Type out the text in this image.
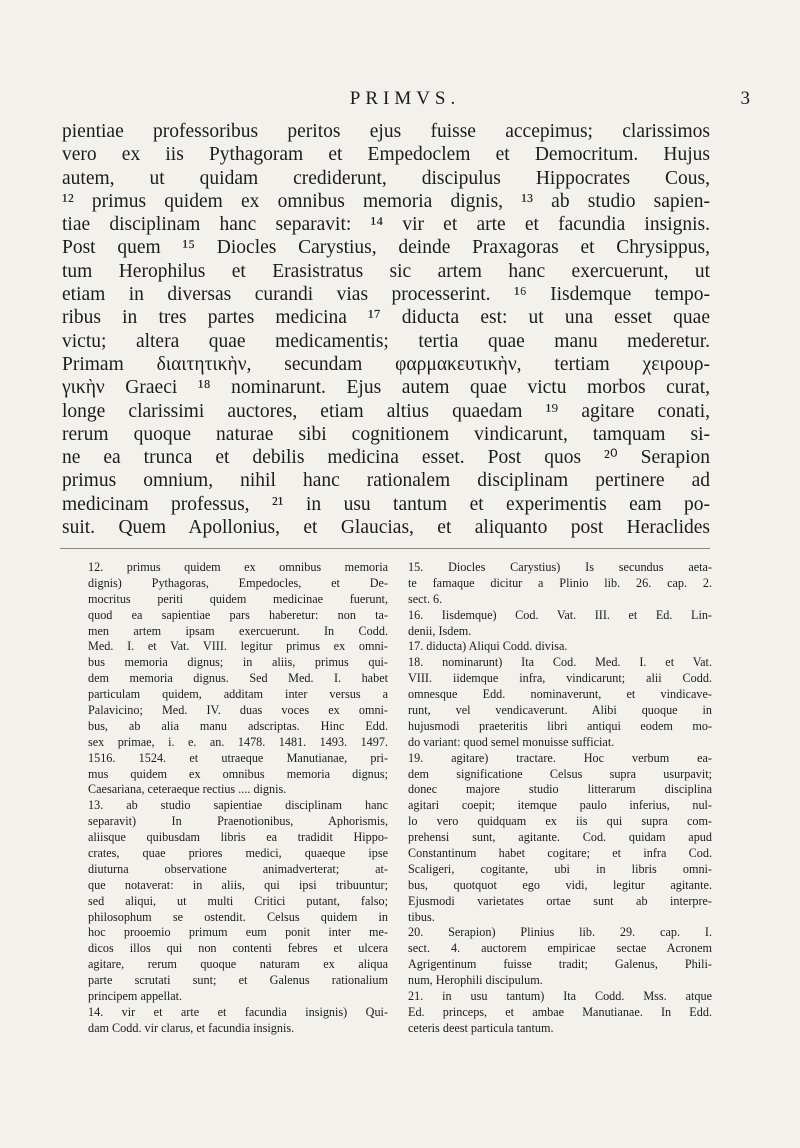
PRIMVS.	3
pientiae professoribus peritos ejus fuisse accepimus; clarissimos
vero ex iis Pythagoram et Empedoclem et Democritum. Hujus
autem, ut quidam crediderunt, discipulus Hippocrates Cous,
¹² primus quidem ex omnibus memoria dignis, ¹³ ab studio sapien-
tiae disciplinam hanc separavit: ¹⁴ vir et arte et facundia insignis.
Post quem ¹⁵ Diocles Carystius, deinde Praxagoras et Chrysippus,
tum Herophilus et Erasistratus sic artem hanc exercuerunt, ut
etiam in diversas curandi vias processerint. ¹⁶ Iisdemque tempo-
ribus in tres partes medicina ¹⁷ diducta est: ut una esset quae
victu; altera quae medicamentis; tertia quae manu mederetur.
Primam διαιτητικὴν, secundam φαρμακευτικὴν, tertiam χειρουρ-
γικὴν Graeci ¹⁸ nominarunt. Ejus autem quae victu morbos curat,
longe clarissimi auctores, etiam altius quaedam ¹⁹ agitare conati,
rerum quoque naturae sibi cognitionem vindicarunt, tamquam si-
ne ea trunca et debilis medicina esset. Post quos ²⁰ Serapion
primus omnium, nihil hanc rationalem disciplinam pertinere ad
medicinam professus, ²¹ in usu tantum et experimentis eam po-
suit. Quem Apollonius, et Glaucias, et aliquanto post Heraclides
12. primus quidem ex omnibus memoria
dignis) Pythagoras, Empedocles, et De-
mocritus periti quidem medicinae fuerunt,
quod ea sapientiae pars haberetur: non ta-
men artem ipsam exercuerunt. In Codd.
Med. I. et Vat. VIII. legitur primus ex omni-
bus memoria dignus; in aliis, primus qui-
dem memoria dignus. Sed Med. I. habet
particulam quidem, additam inter versus a
Palavicino; Med. IV. duas voces ex omni-
bus, ab alia manu adscriptas. Hinc Edd.
sex primae, i. e. an. 1478. 1481. 1493. 1497.
1516. 1524. et utraeque Manutianae, pri-
mus quidem ex omnibus memoria dignus;
Caesariana, ceteraeque rectius .... dignis.
13. ab studio sapientiae disciplinam hanc
separavit) In Praenotionibus, Aphorismis,
aliisque quibusdam libris ea tradidit Hippo-
crates, quae priores medici, quaeque ipse
diuturna observatione animadverterat; at-
que notaverat: in aliis, qui ipsi tribuuntur;
sed aliqui, ut multi Critici putant, falso;
philosophum se ostendit. Celsus quidem in
hoc prooemio primum eum ponit inter me-
dicos illos qui non contenti febres et ulcera
agitare, rerum quoque naturam ex aliqua
parte scrutati sunt; et Galenus rationalium
principem appellat.
14. vir et arte et facundia insignis) Qui-
dam Codd. vir clarus, et facundia insignis.
15. Diocles Carystius) Is secundus aeta-
te famaque dicitur a Plinio lib. 26. cap. 2.
sect. 6.
16. Iisdemque) Cod. Vat. III. et Ed. Lin-
denii, Isdem.
17. diducta) Aliqui Codd. divisa.
18. nominarunt) Ita Cod. Med. I. et Vat.
VIII. iidemque infra, vindicarunt; alii Codd.
omnesque Edd. nominaverunt, et vindicave-
runt, vel vendicaverunt. Alibi quoque in
hujusmodi praeteritis libri antiqui eodem mo-
do variant: quod semel monuisse sufficiat.
19. agitare) tractare. Hoc verbum ea-
dem significatione Celsus supra usurpavit;
donec majore studio litterarum disciplina
agitari coepit; itemque paulo inferius, nul-
lo vero quidquam ex iis qui supra com-
prehensi sunt, agitante. Cod. quidam apud
Constantinum habet cogitare; et infra Cod.
Scaligeri, cogitante, ubi in libris omni-
bus, quotquot ego vidi, legitur agitante.
Ejusmodi varietates ortae sunt ab interpre-
tibus.
20. Serapion) Plinius lib. 29. cap. I.
sect. 4. auctorem empiricae sectae Acronem
Agrigentinum fuisse tradit; Galenus, Phili-
num, Herophili discipulum.
21. in usu tantum) Ita Codd. Mss. atque
Ed. princeps, et ambae Manutianae. In Edd.
ceteris deest particula tantum.
